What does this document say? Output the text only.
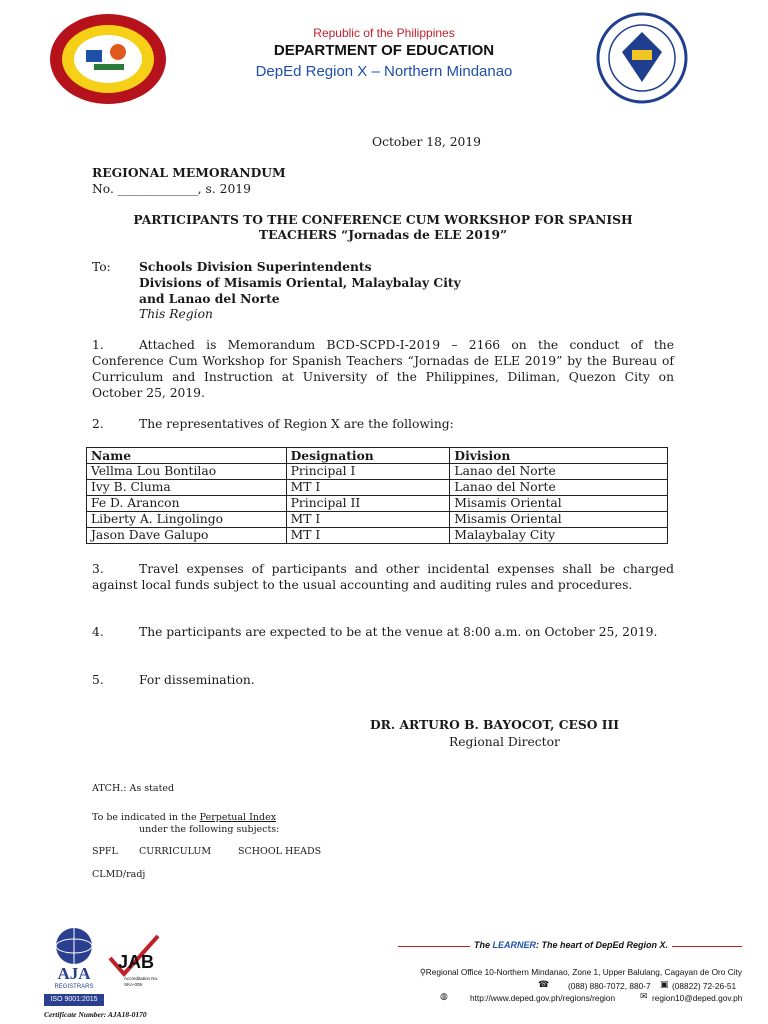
Republic of the Philippines
DEPARTMENT OF EDUCATION
DepEd Region X – Northern Mindanao
October 18, 2019
REGIONAL MEMORANDUM
No. _____________, s. 2019
PARTICIPANTS TO THE CONFERENCE CUM WORKSHOP FOR SPANISH
TEACHERS “Jornadas de ELE 2019”
To: Schools Division Superintendents
Divisions of Misamis Oriental, Malaybalay City
and Lanao del Norte
This Region
1.	Attached is Memorandum BCD-SCPD-I-2019 – 2166 on the conduct of the Conference Cum Workshop for Spanish Teachers “Jornadas de ELE 2019” by the Bureau of Curriculum and Instruction at University of the Philippines, Diliman, Quezon City on October 25, 2019.
2.	The representatives of Region X are the following:
Name	Designation	Division
Vellma Lou Bontilao	Principal I	Lanao del Norte
Ivy B. Cluma	MT I	Lanao del Norte
Fe D. Arancon	Principal II	Misamis Oriental
Liberty A. Lingolingo	MT I	Misamis Oriental
Jason Dave Galupo	MT I	Malaybalay City
3.	Travel expenses of participants and other incidental expenses shall be charged against local funds subject to the usual accounting and auditing rules and procedures.
4.	The participants are expected to be at the venue at 8:00 a.m. on October 25, 2019.
5.	For dissemination.
DR. ARTURO B. BAYOCOT, CESO III
Regional Director
ATCH.: As stated
To be indicated in the Perpetual Index
under the following subjects:
SPFL CURRICULUM	SCHOOL HEADS
CLMD/radj
AJA
REGISTRARS
ISO 9001:2015
JAB
Accreditation No. SKA-005
Certificate Number: AJA18-0170
The LEARNER: The heart of DepEd Region X.
⚲Regional Office 10-Northern Mindanao, Zone 1, Upper Balulang, Cagayan de Oro City
☎ (088) 880-7072, 880-7 ▣ (08822) 72-26-51
◍	http://www.deped.gov.ph/regions/region	✉ region10@deped.gov.ph
